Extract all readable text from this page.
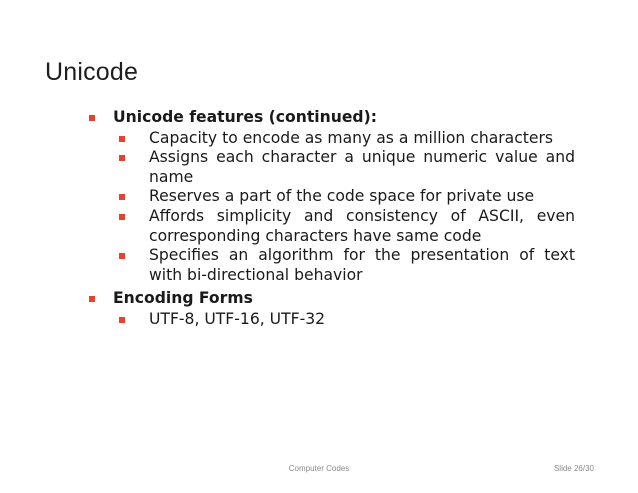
Unicode
Unicode features (continued):
Capacity to encode as many as a million characters
Assigns each character a unique numeric value and name
Reserves a part of the code space for private use
Affords simplicity and consistency of ASCII, even corresponding characters have same code
Specifies an algorithm for the presentation of text with bi-directional behavior
Encoding Forms
UTF-8, UTF-16, UTF-32
Computer Codes	Slide 26/30
